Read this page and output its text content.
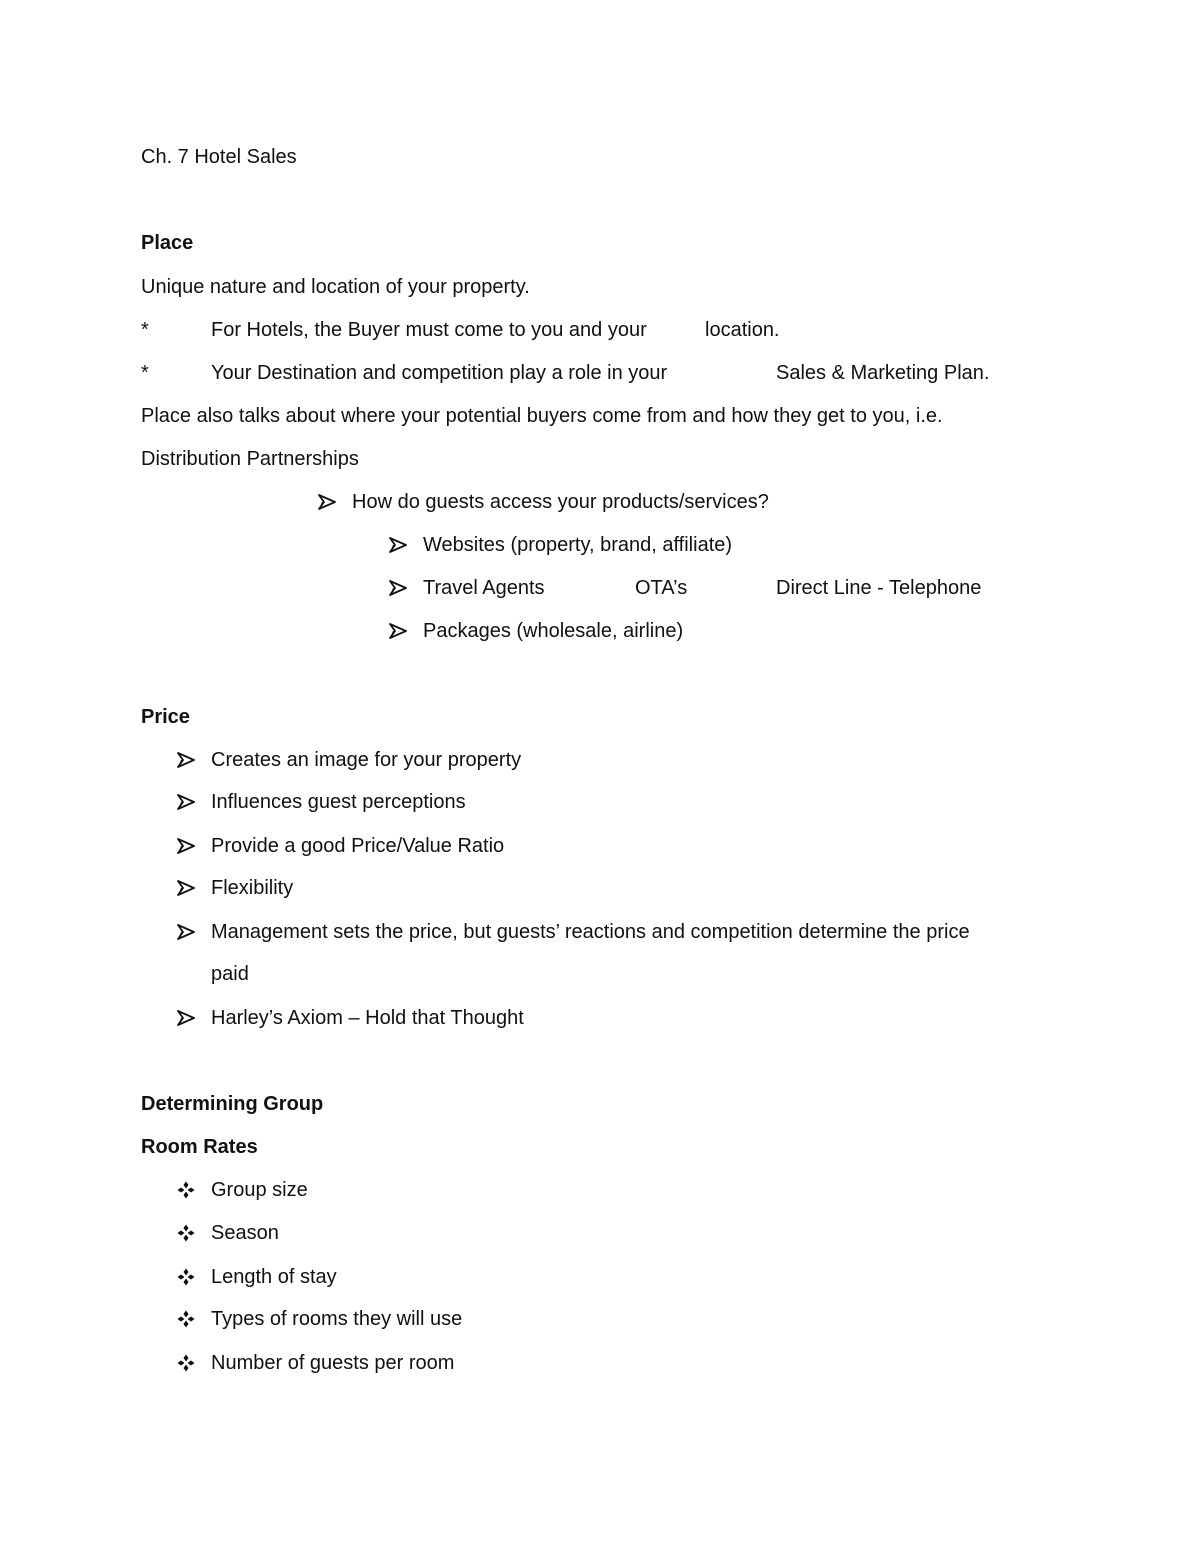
Ch. 7 Hotel Sales
Place
Unique nature and location of your property.
*	For Hotels, the Buyer must come to you and your	location.
*	Your Destination and competition play a role in your	Sales & Marketing Plan.
Place also talks about where your potential buyers come from and how they get to you, i.e.
Distribution Partnerships
How do guests access your products/services?
Websites (property, brand, affiliate)
Travel Agents	OTA’s	Direct Line - Telephone
Packages (wholesale, airline)
Price
Creates an image for your property
Influences guest perceptions
Provide a good Price/Value Ratio
Flexibility
Management sets the price, but guests’ reactions and competition determine the price
paid
Harley’s Axiom – Hold that Thought
Determining Group
Room Rates
Group size
Season
Length of stay
Types of rooms they will use
Number of guests per room
